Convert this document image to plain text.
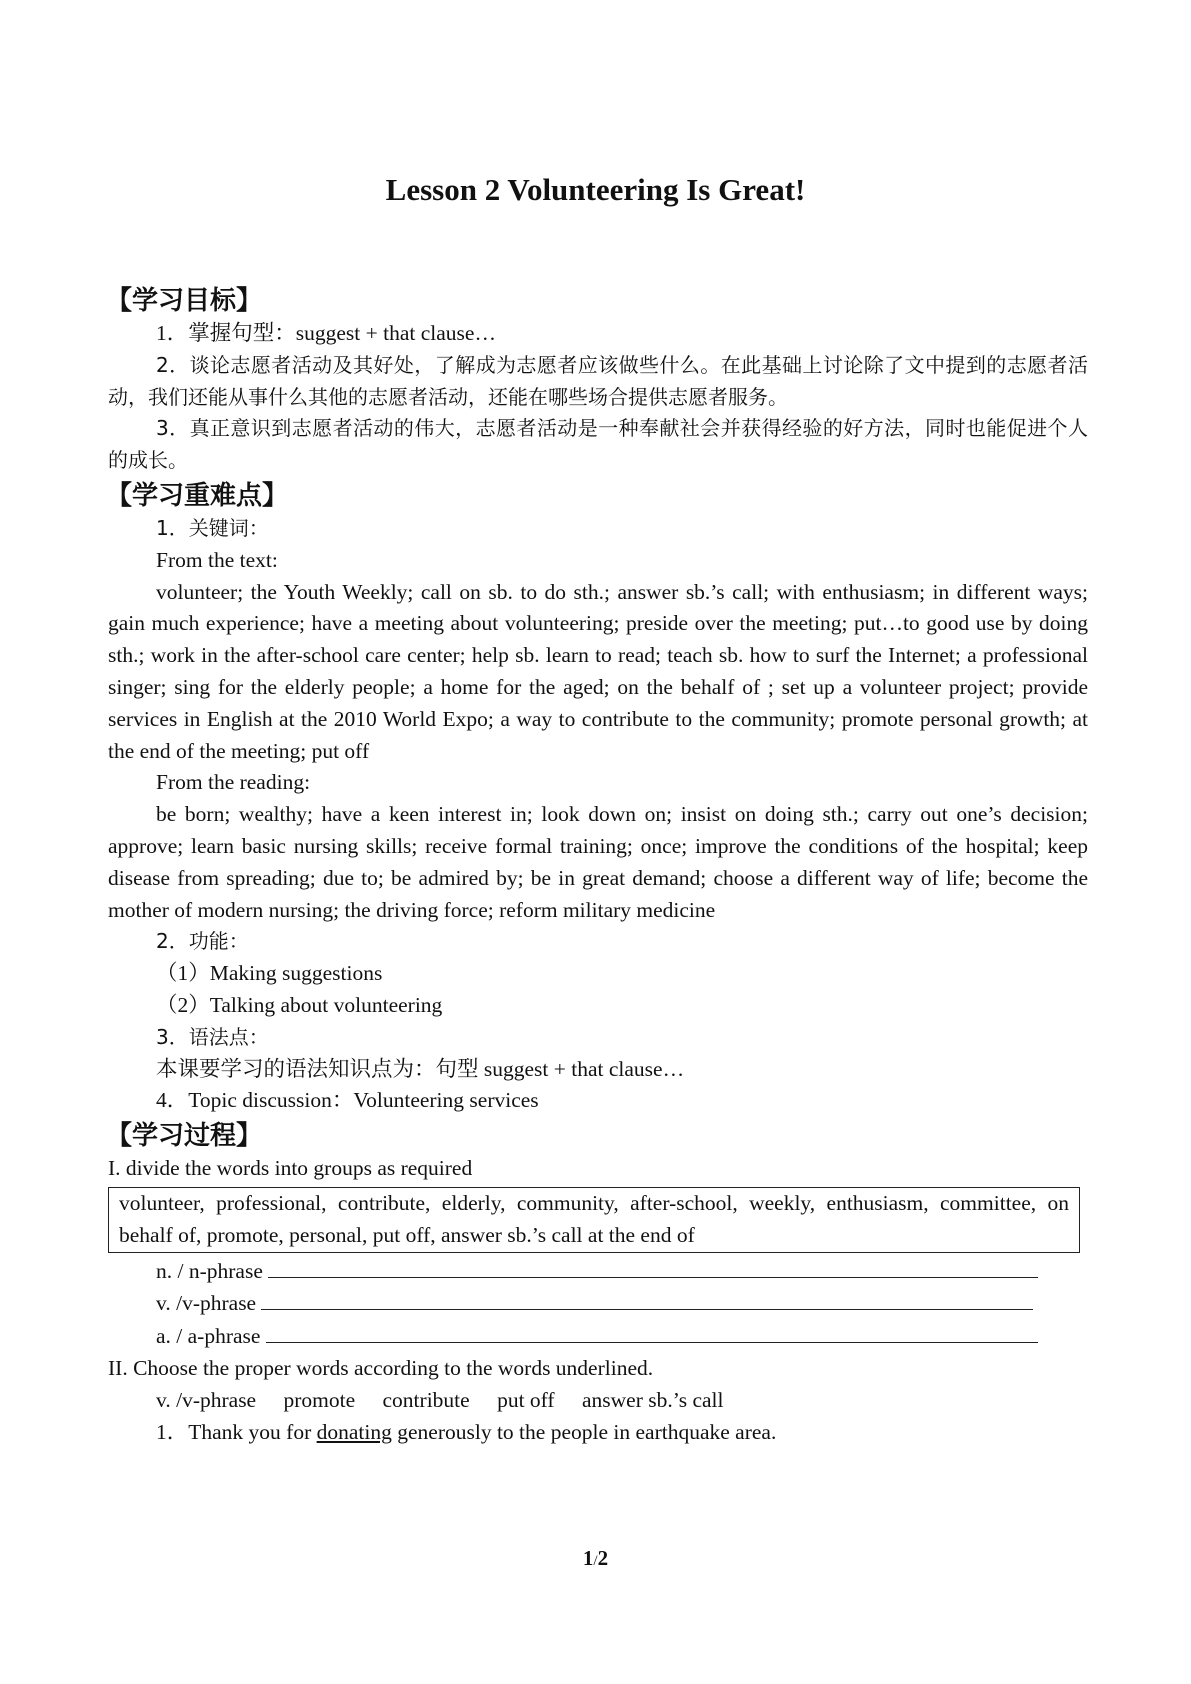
Lesson 2 Volunteering Is Great!
【学习目标】

1．掌握句型：suggest + that clause…

2．谈论志愿者活动及其好处，了解成为志愿者应该做些什么。在此基础上讨论除了文中提到的志愿者活动，我们还能从事什么其他的志愿者活动，还能在哪些场合提供志愿者服务。

3．真正意识到志愿者活动的伟大，志愿者活动是一种奉献社会并获得经验的好方法，同时也能促进个人的成长。

【学习重难点】

1．关键词：

From the text:

volunteer; the Youth Weekly; call on sb. to do sth.; answer sb.’s call; with enthusiasm; in different ways; gain much experience; have a meeting about volunteering; preside over the meeting; put…to good use by doing sth.; work in the after-school care center; help sb. learn to read; teach sb. how to surf the Internet; a professional singer; sing for the elderly people; a home for the aged; on the behalf of ; set up a volunteer project; provide services in English at the 2010 World Expo; a way to contribute to the community; promote personal growth; at the end of the meeting; put off

From the reading:

be born; wealthy; have a keen interest in; look down on; insist on doing sth.; carry out one’s decision; approve; learn basic nursing skills; receive formal training; once; improve the conditions of the hospital; keep disease from spreading; due to; be admired by; be in great demand; choose a different way of life; become the mother of modern nursing; the driving force; reform military medicine

2．功能：

（1）Making suggestions

（2）Talking about volunteering

3．语法点：

本课要学习的语法知识点为：句型 suggest + that clause…

4．Topic discussion：Volunteering services

【学习过程】

I. divide the words into groups as required

volunteer, professional, contribute, elderly, community, after-school, weekly, enthusiasm, committee, on behalf of, promote, personal, put off, answer sb.’s call at the end of

n. / n-phrase

v. /v-phrase

a. / a-phrase

II. Choose the proper words according to the words underlined.

v. /v-phrase promote contribute put off answer sb.’s call

1．Thank you for donating generously to the people in earthquake area.

1/2
